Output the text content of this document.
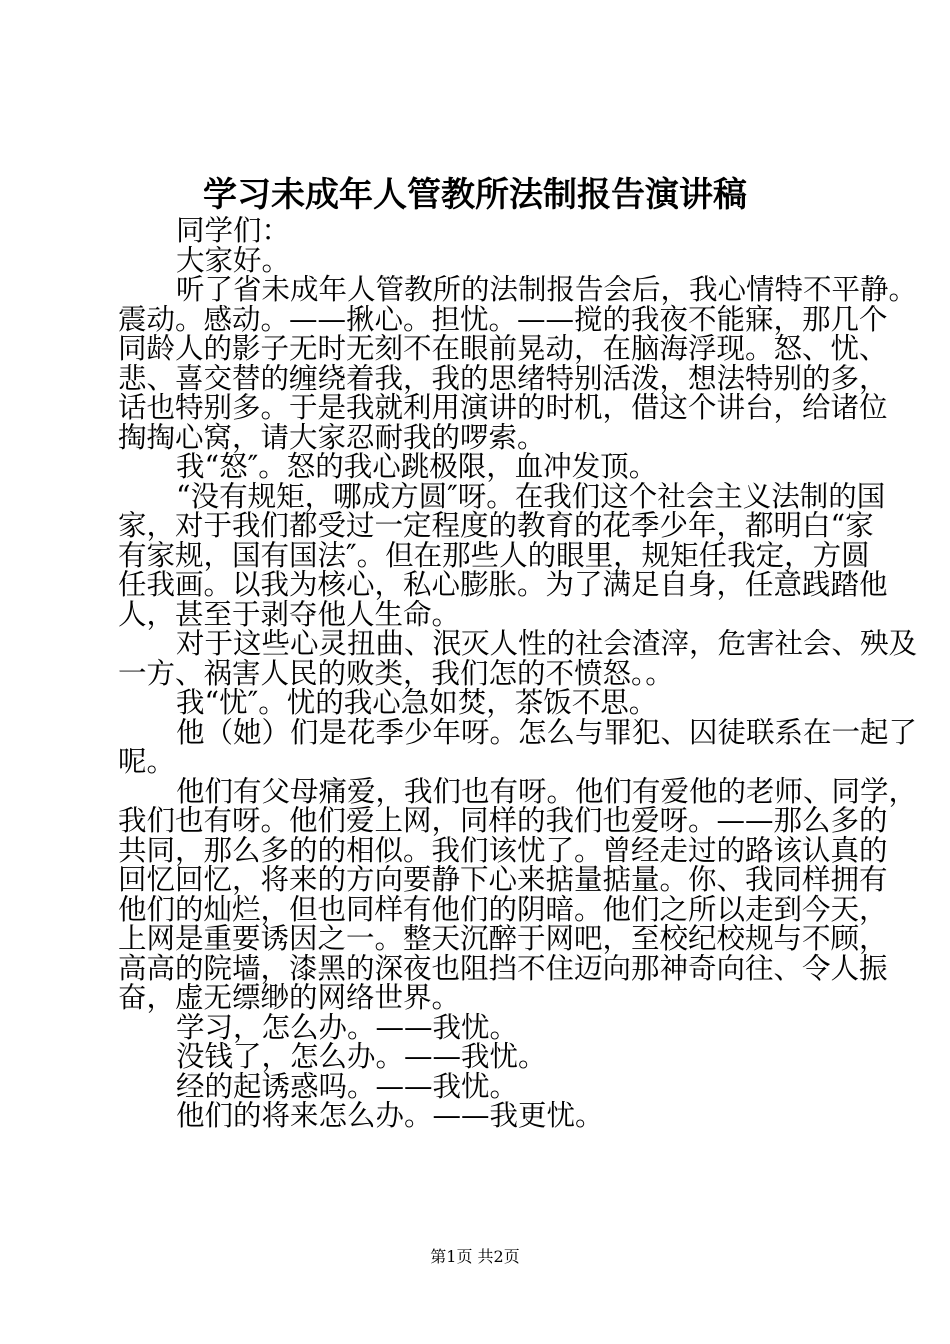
学习未成年人管教所法制报告演讲稿
同学们：
大家好。
听了省未成年人管教所的法制报告会后，我心情特不平静。
震动。感动。——揪心。担忧。——搅的我夜不能寐，那几个
同龄人的影子无时无刻不在眼前晃动，在脑海浮现。怒、忧、
悲、喜交替的缠绕着我，我的思绪特别活泼，想法特别的多，
话也特别多。于是我就利用演讲的时机，借这个讲台，给诸位
掏掏心窝，请大家忍耐我的啰索。
我“怒″。怒的我心跳极限，血冲发顶。
“没有规矩，哪成方圆″呀。在我们这个社会主义法制的国
家，对于我们都受过一定程度的教育的花季少年，都明白“家
有家规，国有国法″。但在那些人的眼里，规矩任我定，方圆
任我画。以我为核心，私心膨胀。为了满足自身，任意践踏他
人，甚至于剥夺他人生命。
对于这些心灵扭曲、泯灭人性的社会渣滓，危害社会、殃及
一方、祸害人民的败类，我们怎的不愤怒。。
我“忧″。忧的我心急如焚，茶饭不思。
他（她）们是花季少年呀。怎么与罪犯、囚徒联系在一起了
呢。
他们有父母痛爱，我们也有呀。他们有爱他的老师、同学，
我们也有呀。他们爱上网，同样的我们也爱呀。——那么多的
共同，那么多的的相似。我们该忧了。曾经走过的路该认真的
回忆回忆，将来的方向要静下心来掂量掂量。你、我同样拥有
他们的灿烂，但也同样有他们的阴暗。他们之所以走到今天，
上网是重要诱因之一。整天沉醉于网吧，至校纪校规与不顾，
高高的院墙，漆黑的深夜也阻挡不住迈向那神奇向往、令人振
奋，虚无缥缈的网络世界。
学习，怎么办。——我忧。
没钱了，怎么办。——我忧。
经的起诱惑吗。——我忧。
他们的将来怎么办。——我更忧。
第1页 共2页
